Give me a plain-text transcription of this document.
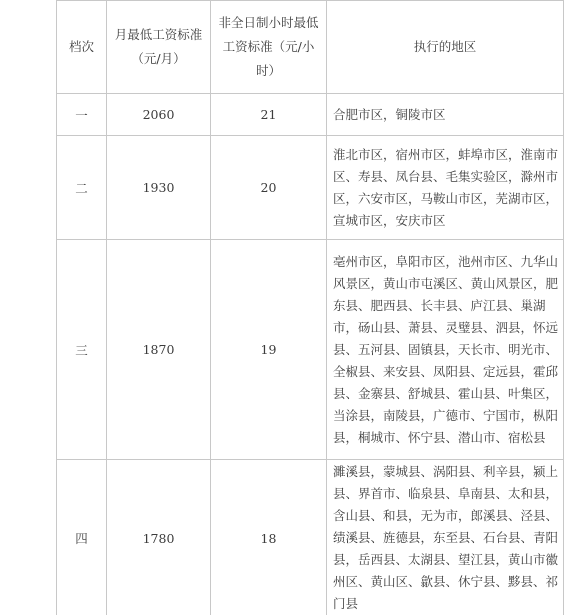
档次	月最低工资标准（元/月）	非全日制小时最低工资标准（元/小时）	执行的地区

一	2060	21	合肥市区，铜陵市区
二	1930	20	淮北市区，宿州市区，蚌埠市区，淮南市区、寿县、凤台县、毛集实验区，滁州市区，六安市区，马鞍山市区，芜湖市区，宣城市区，安庆市区
三	1870	19	亳州市区，阜阳市区，池州市区、九华山风景区，黄山市屯溪区、黄山风景区，肥东县、肥西县、长丰县、庐江县、巢湖市，砀山县、萧县、灵璧县、泗县，怀远县、五河县、固镇县，天长市、明光市、全椒县、来安县、凤阳县、定远县，霍邱县、金寨县、舒城县、霍山县、叶集区，当涂县，南陵县，广德市、宁国市，枞阳县，桐城市、怀宁县、潜山市、宿松县
四	1780	18	濉溪县，蒙城县、涡阳县、利辛县，颍上县、界首市、临泉县、阜南县、太和县，含山县、和县，无为市，郎溪县、泾县、绩溪县、旌德县，东至县、石台县、青阳县，岳西县、太湖县、望江县，黄山市徽州区、黄山区、歙县、休宁县、黟县、祁门县
